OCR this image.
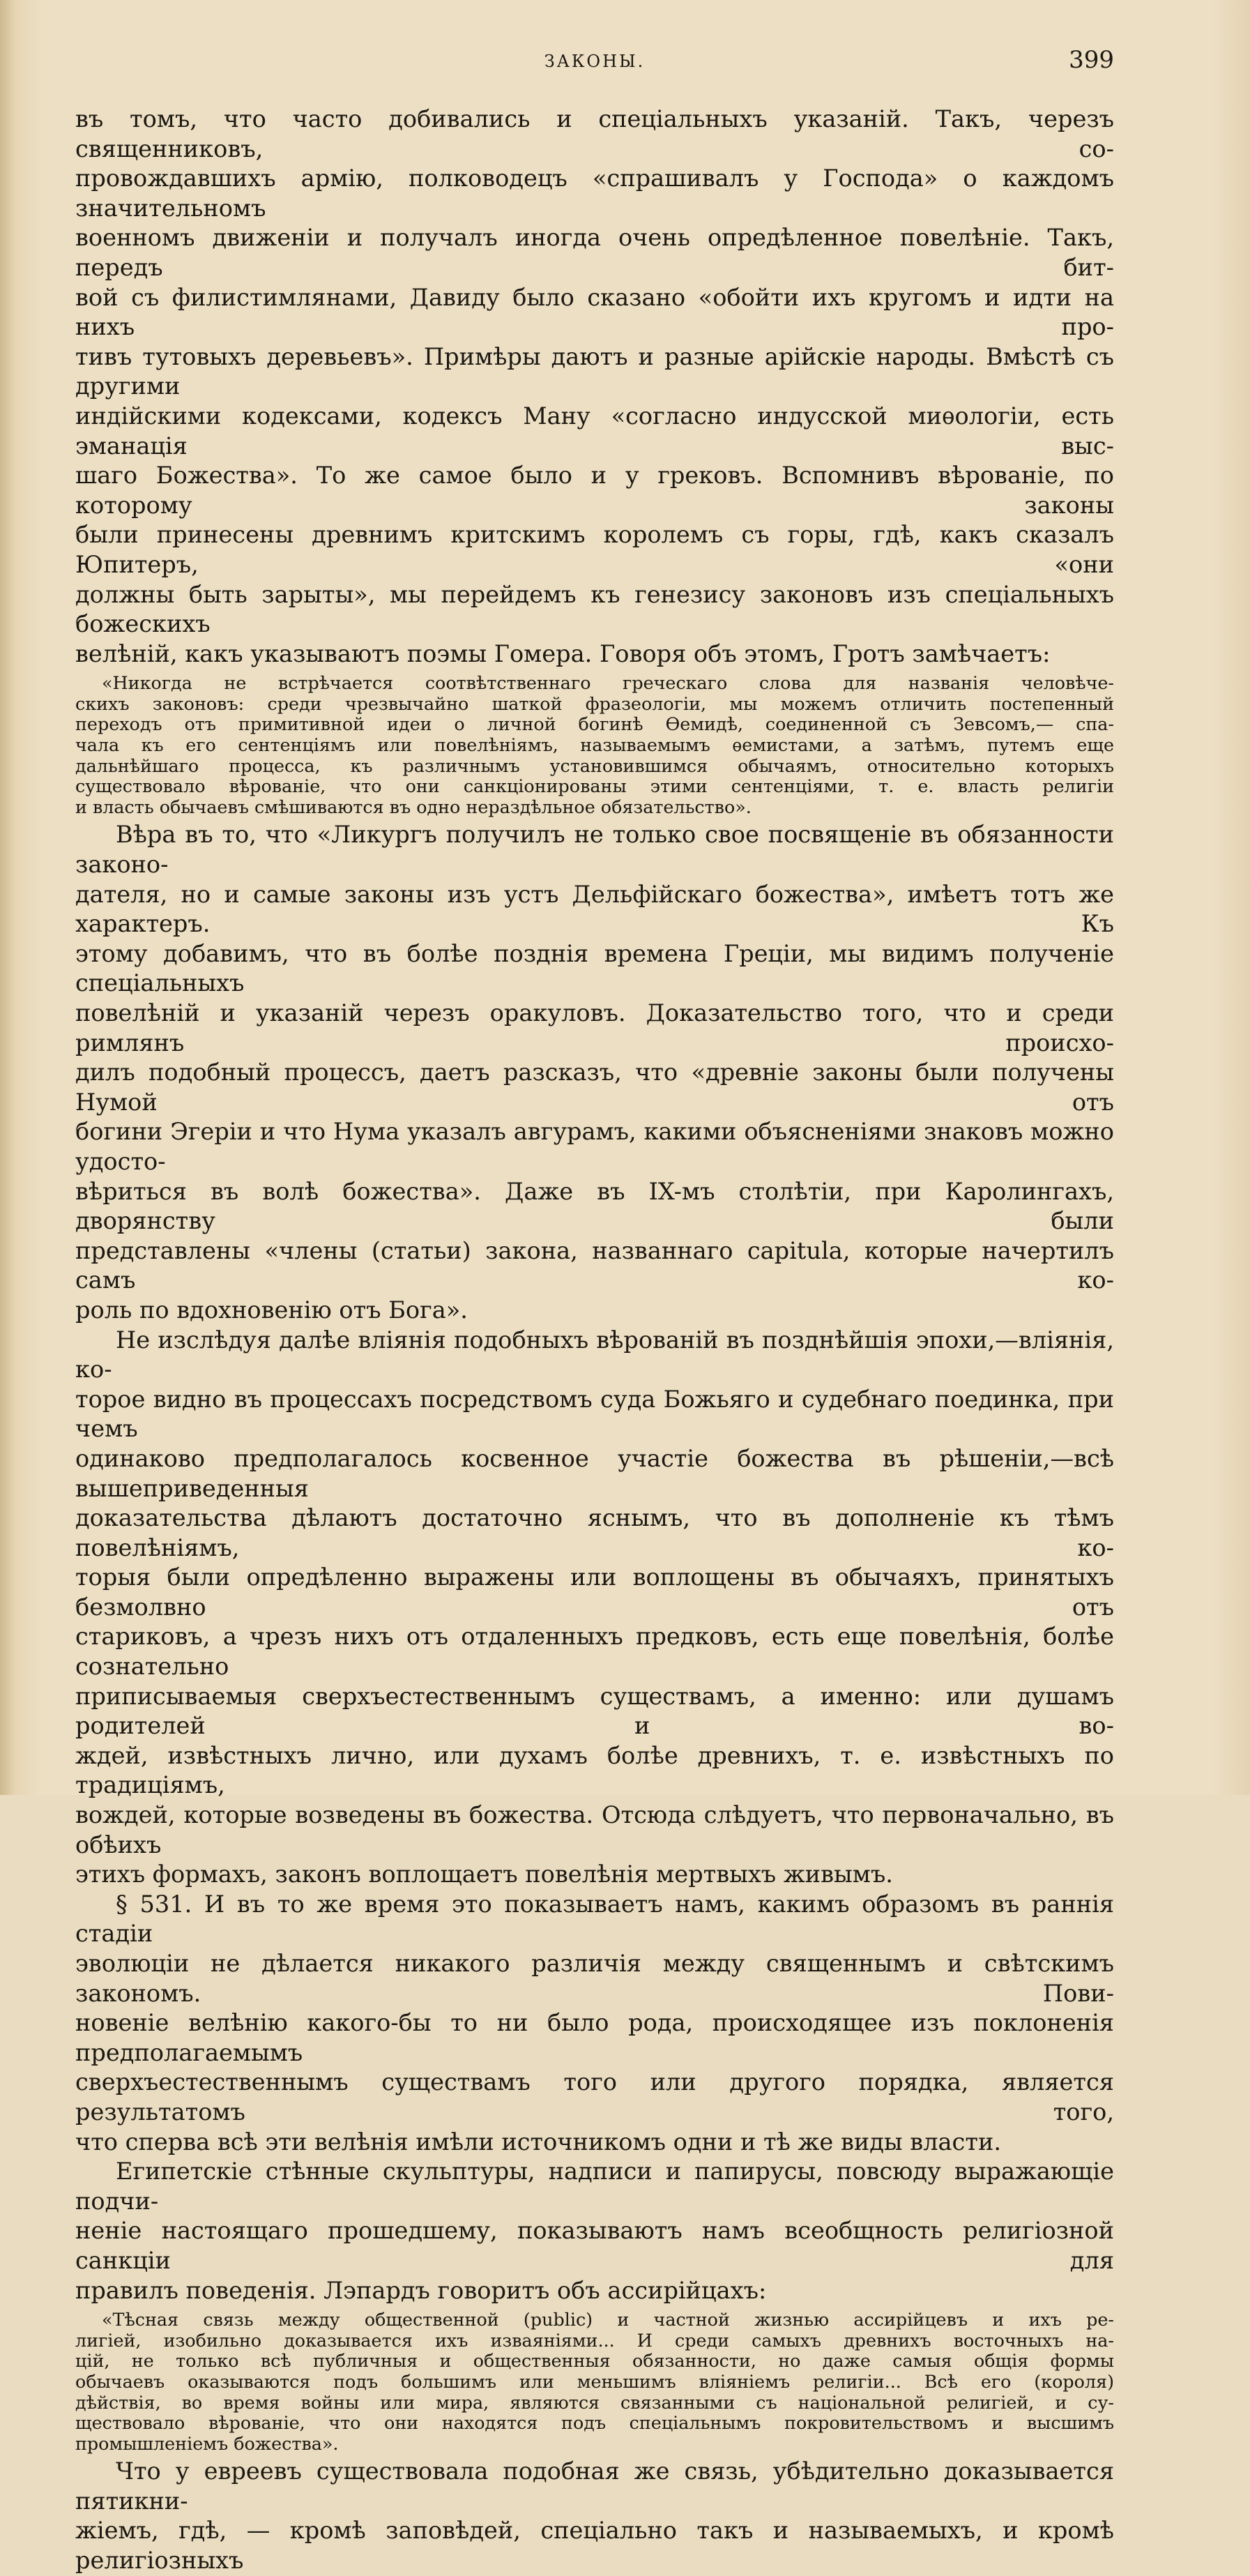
ЗАКОНЫ.	399
въ томъ, что часто добивались и спеціальныхъ указаній. Такъ, черезъ священниковъ, со-
провождавшихъ армію, полководецъ «спрашивалъ у Господа» о каждомъ значительномъ
военномъ движеніи и получалъ иногда очень опредѣленное повелѣніе. Такъ, передъ бит-
вой съ филистимлянами, Давиду было сказано «обойти ихъ кругомъ и идти на нихъ про-
тивъ тутовыхъ деревьевъ». Примѣры даютъ и разные арійскіе народы. Вмѣстѣ съ другими
индійскими кодексами, кодексъ Ману «согласно индусской миѳологіи, есть эманація выс-
шаго Божества». То же самое было и у грековъ. Вспомнивъ вѣрованіе, по которому законы
были принесены древнимъ критскимъ королемъ съ горы, гдѣ, какъ сказалъ Юпитеръ, «они
должны быть зарыты», мы перейдемъ къ генезису законовъ изъ спеціальныхъ божескихъ
велѣній, какъ указываютъ поэмы Гомера. Говоря объ этомъ, Гротъ замѣчаетъ:
«Никогда не встрѣчается соотвѣтственнаго греческаго слова для названія человѣче-
скихъ законовъ: среди чрезвычайно шаткой фразеологіи, мы можемъ отличить постепенный
переходъ отъ примитивной идеи о личной богинѣ Ѳемидѣ, соединенной съ Зевсомъ,— спа-
чала къ его сентенціямъ или повелѣніямъ, называемымъ ѳемистами, а затѣмъ, путемъ еще
дальнѣйшаго процесса, къ различнымъ установившимся обычаямъ, относительно которыхъ
существовало вѣрованіе, что они санкціонированы этими сентенціями, т. е. власть религіи
и власть обычаевъ смѣшиваются въ одно нераздѣльное обязательство».
Вѣра въ то, что «Ликургъ получилъ не только свое посвященіе въ обязанности законо-
дателя, но и самые законы изъ устъ Дельфійскаго божества», имѣетъ тотъ же характеръ. Къ
этому добавимъ, что въ болѣе позднія времена Греціи, мы видимъ полученіе спеціальныхъ
повелѣній и указаній черезъ оракуловъ. Доказательство того, что и среди римлянъ происхо-
дилъ подобный процессъ, даетъ разсказъ, что «древніе законы были получены Нумой отъ
богини Эгеріи и что Нума указалъ авгурамъ, какими объясненіями знаковъ можно удосто-
вѣриться въ волѣ божества». Даже въ IX-мъ столѣтіи, при Каролингахъ, дворянству были
представлены «члены (статьи) закона, названнаго capitula, которые начертилъ самъ ко-
роль по вдохновенію отъ Бога».
Не изслѣдуя далѣе вліянія подобныхъ вѣрованій въ позднѣйшія эпохи,—вліянія, ко-
торое видно въ процессахъ посредствомъ суда Божьяго и судебнаго поединка, при чемъ
одинаково предполагалось косвенное участіе божества въ рѣшеніи,—всѣ вышеприведенныя
доказательства дѣлаютъ достаточно яснымъ, что въ дополненіе къ тѣмъ повелѣніямъ, ко-
торыя были опредѣленно выражены или воплощены въ обычаяхъ, принятыхъ безмолвно отъ
стариковъ, а чрезъ нихъ отъ отдаленныхъ предковъ, есть еще повелѣнія, болѣе сознательно
приписываемыя сверхъестественнымъ существамъ, а именно: или душамъ родителей и во-
ждей, извѣстныхъ лично, или духамъ болѣе древнихъ, т. е. извѣстныхъ по традиціямъ,
вождей, которые возведены въ божества. Отсюда слѣдуетъ, что первоначально, въ обѣихъ
этихъ формахъ, законъ воплощаетъ повелѣнія мертвыхъ живымъ.
§ 531. И въ то же время это показываетъ намъ, какимъ образомъ въ раннія стадіи
эволюціи не дѣлается никакого различія между священнымъ и свѣтскимъ закономъ. Пови-
новеніе велѣнію какого-бы то ни было рода, происходящее изъ поклоненія предполагаемымъ
сверхъестественнымъ существамъ того или другого порядка, является результатомъ того,
что сперва всѣ эти велѣнія имѣли источникомъ одни и тѣ же виды власти.
Египетскіе стѣнные скульптуры, надписи и папирусы, повсюду выражающіе подчи-
неніе настоящаго прошедшему, показываютъ намъ всеобщность религіозной санкціи для
правилъ поведенія. Лэпардъ говоритъ объ ассирійцахъ:
«Тѣсная связь между общественной (public) и частной жизнью ассирійцевъ и ихъ ре-
лигіей, изобильно доказывается ихъ изваяніями... И среди самыхъ древнихъ восточныхъ на-
цій, не только всѣ публичныя и общественныя обязанности, но даже самыя общія формы
обычаевъ оказываются подъ большимъ или меньшимъ вліяніемъ религіи... Всѣ его (короля)
дѣйствія, во время войны или мира, являются связанными съ національной религіей, и су-
ществовало вѣрованіе, что они находятся подъ спеціальнымъ покровительствомъ и высшимъ
промышленіемъ божества».
Что у евреевъ существовала подобная же связь, убѣдительно доказывается пятикни-
жіемъ, гдѣ, — кромѣ заповѣдей, спеціально такъ и называемыхъ, и кромѣ религіозныхъ
